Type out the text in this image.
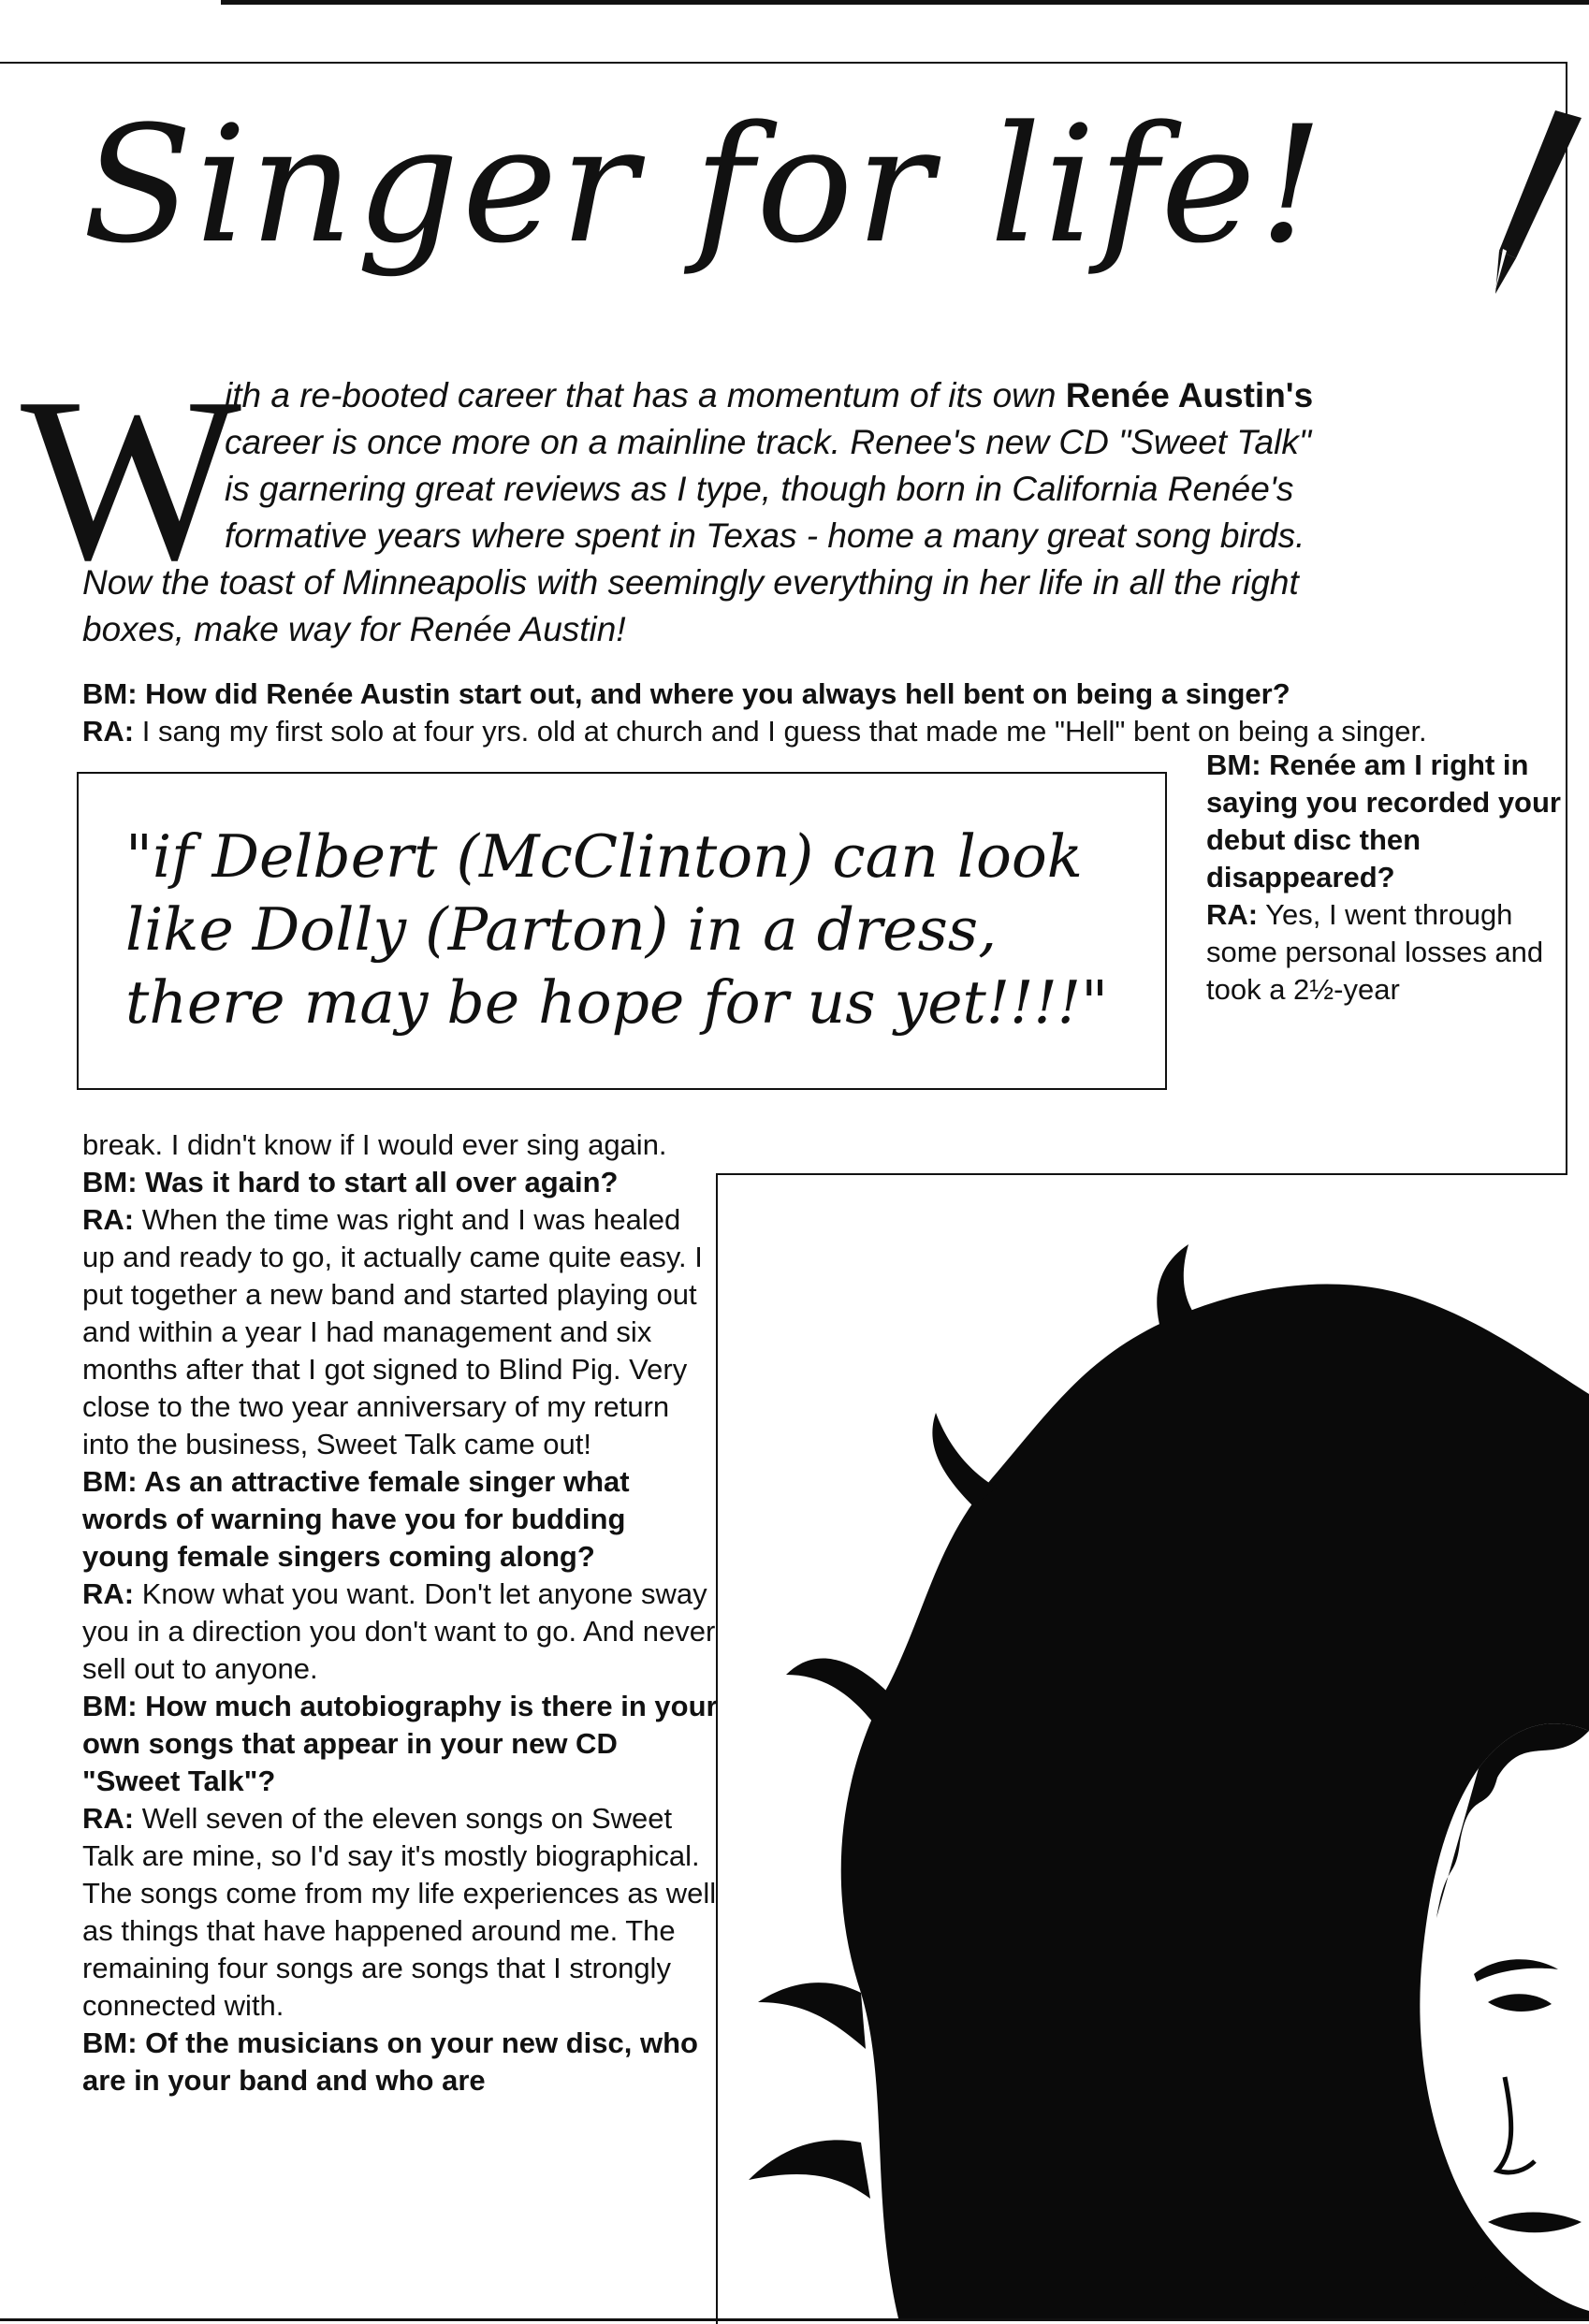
Singer for life!
W
ith a re-booted career that has a momentum of its own Renée Austin's
career is once more on a mainline track. Renee's new CD "Sweet Talk"
is garnering great reviews as I type, though born in California Renée's
formative years where spent in Texas - home a many great song birds.
Now the toast of Minneapolis with seemingly everything in her life in all the right
boxes, make way for Renée Austin!
BM: How did Renée Austin start out, and where you always hell bent on being a singer?
RA: I sang my first solo at four yrs. old at church and I guess that made me "Hell" bent on being a singer.
"if Delbert (McClinton) can look
like Dolly (Parton) in a dress,
there may be hope for us yet!!!!"
BM: Renée am I right in saying you recorded your debut disc then disappeared?
RA: Yes, I went through some personal losses and took a 2½-year
break. I didn't know if I would ever sing again.
BM: Was it hard to start all over again?
RA: When the time was right and I was healed up and ready to go, it actually came quite easy. I put together a new band and started playing out and within a year I had management and six months after that I got signed to Blind Pig. Very close to the two year anniversary of my return into the business, Sweet Talk came out!
BM: As an attractive female singer what words of warning have you for budding young female singers coming along?
RA: Know what you want. Don't let anyone sway you in a direction you don't want to go. And never sell out to anyone.
BM: How much autobiography is there in your own songs that appear in your new CD "Sweet Talk"?
RA: Well seven of the eleven songs on Sweet Talk are mine, so I'd say it's mostly biographical. The songs come from my life experiences as well as things that have happened around me. The remaining four songs are songs that I strongly connected with.
BM: Of the musicians on your new disc, who are in your band and who are
